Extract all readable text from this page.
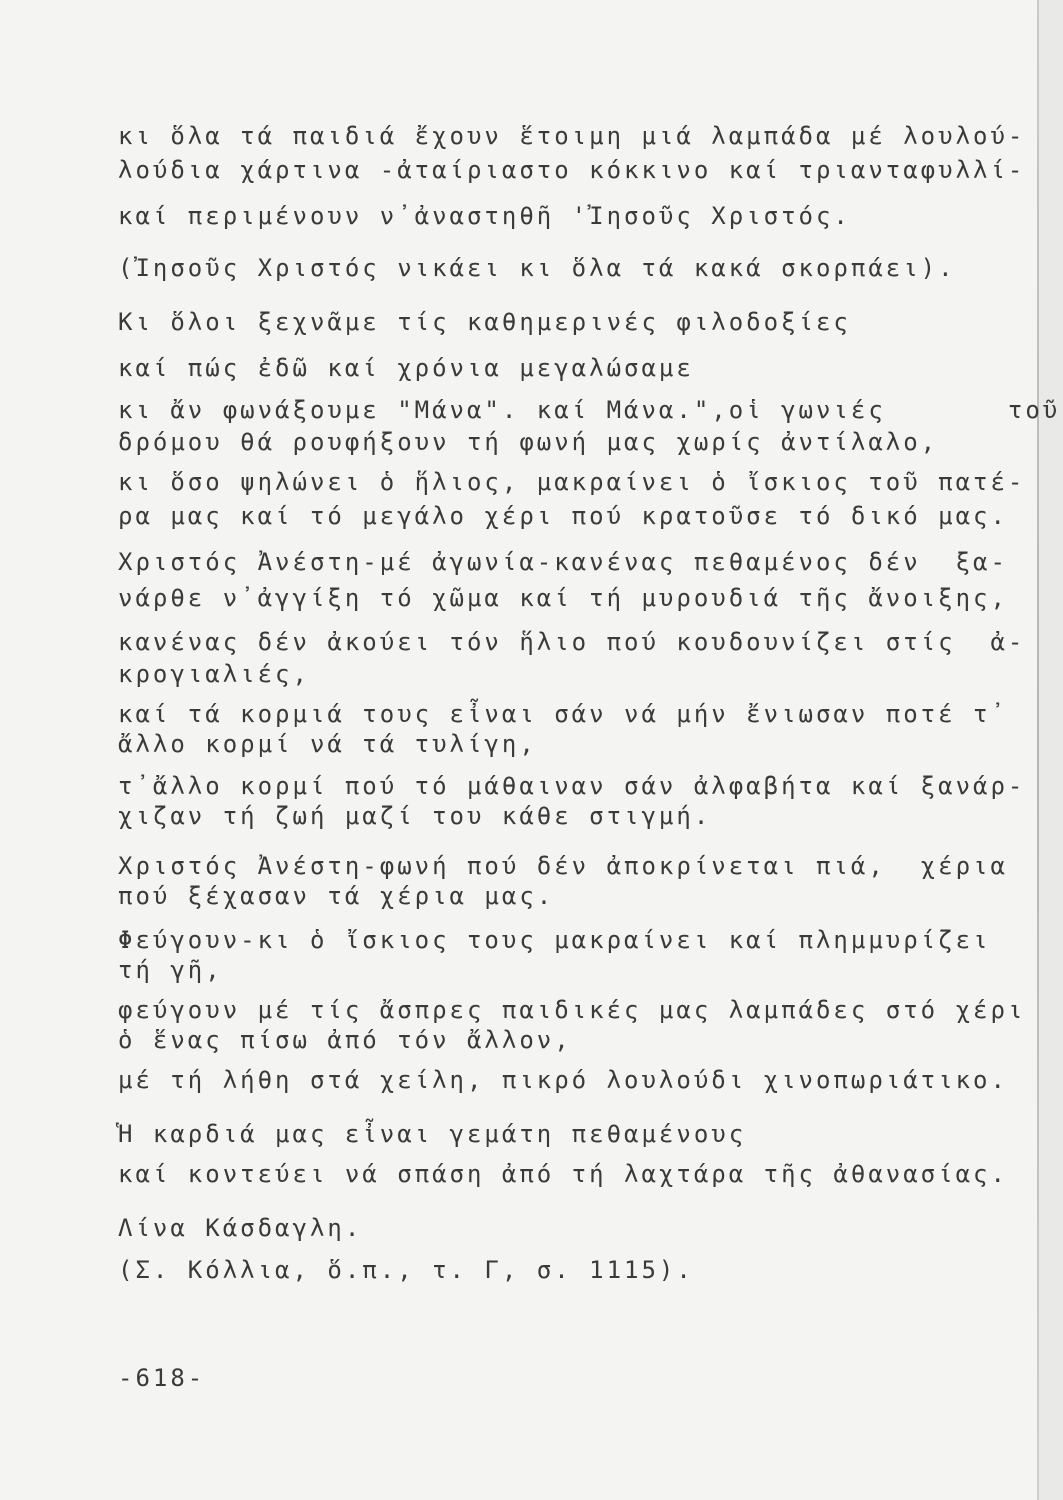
κι ὅλα τά παιδιά ἔχουν ἕτοιμη μιά λαμπάδα μέ λουλού-
λούδια χάρτινα -ἀταίριαστο κόκκινο καί τριανταφυλλί-
καί περιμένουν ν᾿ἀναστηθῆ 'Ἰησοῦς Χριστός.
(Ἰησοῦς Χριστός νικάει κι ὅλα τά κακά σκορπάει).
Κι ὅλοι ξεχνᾶμε τίς καθημερινές φιλοδοξίες
καί πώς ἐδῶ καί χρόνια μεγαλώσαμε
κι ἄν φωνάξουμε "Μάνα". καί Μάνα.",οἱ γωνιές       τοῦ
δρόμου θά ρουφήξουν τή φωνή μας χωρίς ἀντίλαλο,
κι ὅσο ψηλώνει ὁ ἥλιος, μακραίνει ὁ ἴσκιος τοῦ πατέ-
ρα μας καί τό μεγάλο χέρι πού κρατοῦσε τό δικό μας.
Χριστός Ἀνέστη-μέ ἀγωνία-κανένας πεθαμένος δέν  ξα-
νάρθε ν᾿ἀγγίξη τό χῶμα καί τή μυρουδιά τῆς ἄνοιξης,
κανένας δέν ἀκούει τόν ἥλιο πού κουδουνίζει στίς  ἀ-
κρογιαλιές,
καί τά κορμιά τους εἶναι σάν νά μήν ἔνιωσαν ποτέ τ᾿
ἄλλο κορμί νά τά τυλίγη,
τ᾿ἄλλο κορμί πού τό μάθαιναν σάν ἀλφαβήτα καί ξανάρ-
χιζαν τή ζωή μαζί του κάθε στιγμή.
Χριστός Ἀνέστη-φωνή πού δέν ἀποκρίνεται πιά,  χέρια
πού ξέχασαν τά χέρια μας.
Φεύγουν-κι ὁ ἴσκιος τους μακραίνει καί πλημμυρίζει
τή γῆ,
φεύγουν μέ τίς ἄσπρες παιδικές μας λαμπάδες στό χέρι
ὁ ἕνας πίσω ἀπό τόν ἄλλον,
μέ τή λήθη στά χείλη, πικρό λουλούδι χινοπωριάτικο.
Ἡ καρδιά μας εἶναι γεμάτη πεθαμένους
καί κοντεύει νά σπάση ἀπό τή λαχτάρα τῆς ἀθανασίας.
Λίνα Κάσδαγλη.
(Σ. Κόλλια, ὅ.π., τ. Γ, σ. 1115).
-618-
